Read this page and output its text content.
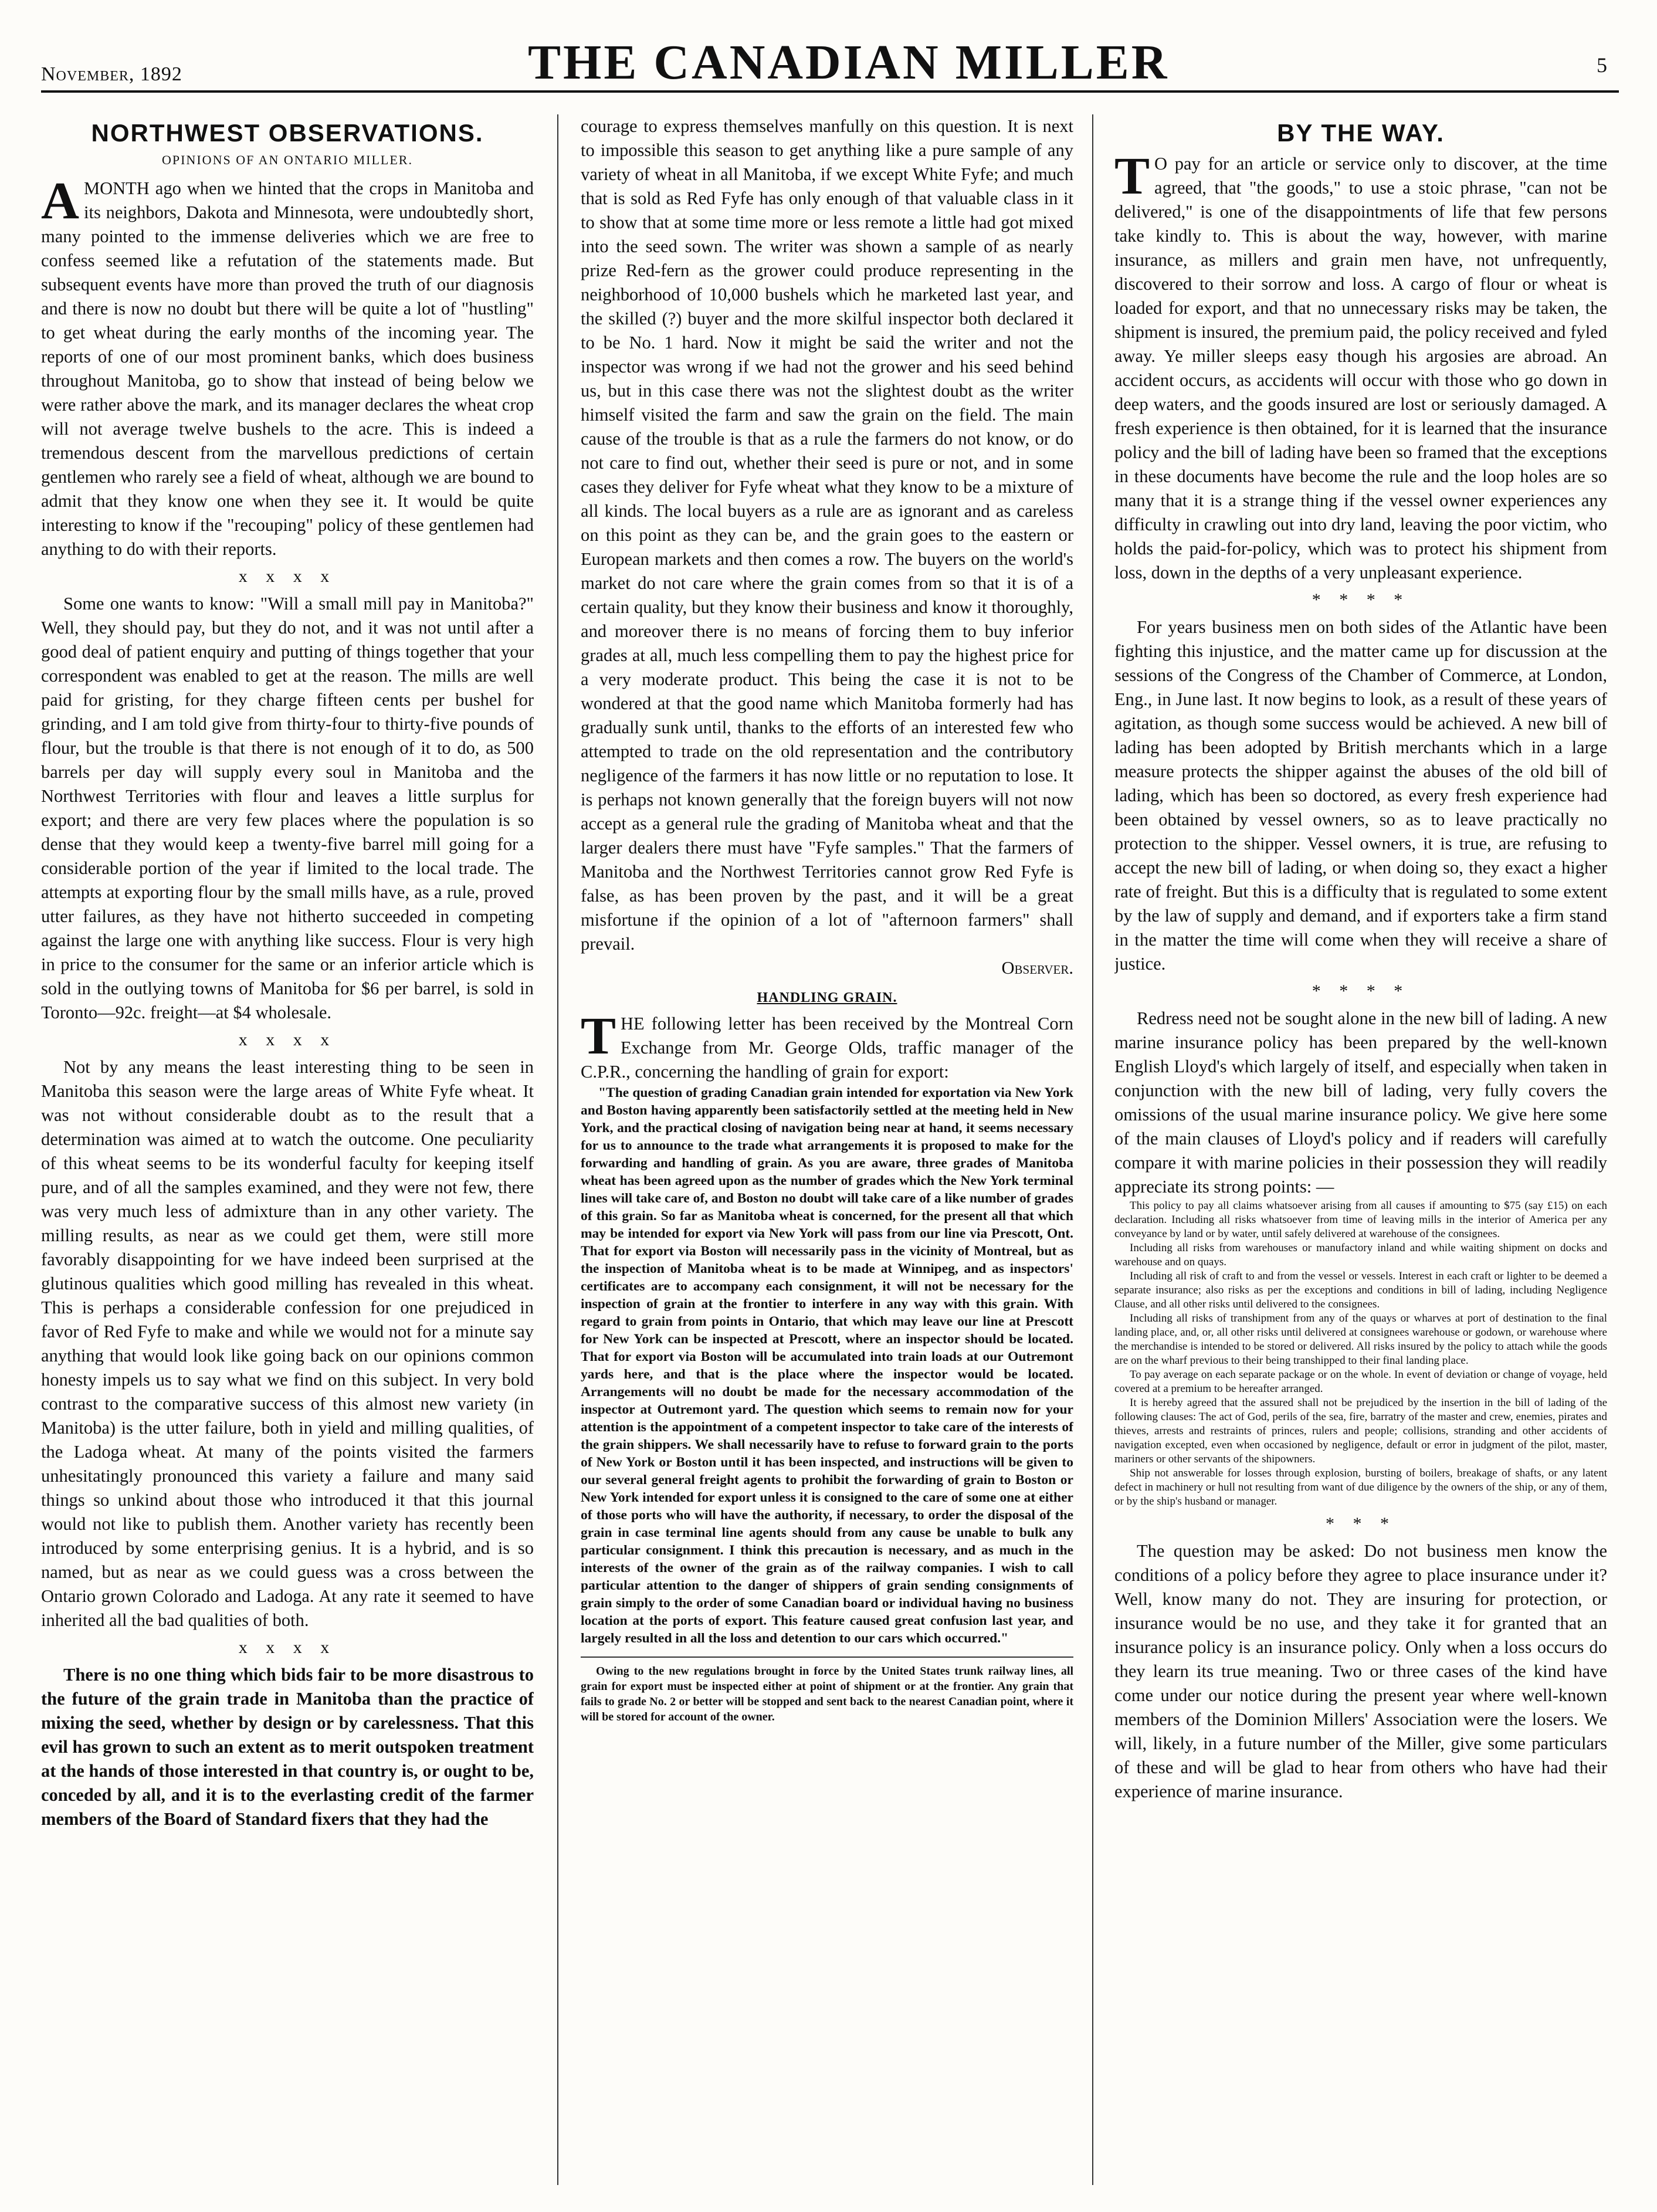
November, 1892	THE CANADIAN MILLER	5
NORTHWEST OBSERVATIONS.
OPINIONS OF AN ONTARIO MILLER.

AMONTH ago when we hinted that the crops in Manitoba and its neighbors, Dakota and Minnesota, were undoubtedly short, many pointed to the immense deliveries which we are free to confess seemed like a refutation of the statements made. But subsequent events have more than proved the truth of our diagnosis and there is now no doubt but there will be quite a lot of "hustling" to get wheat during the early months of the incoming year. The reports of one of our most prominent banks, which does business throughout Manitoba, go to show that instead of being below we were rather above the mark, and its manager declares the wheat crop will not average twelve bushels to the acre. This is indeed a tremendous descent from the marvellous predictions of certain gentlemen who rarely see a field of wheat, although we are bound to admit that they know one when they see it. It would be quite interesting to know if the "recouping" policy of these gentlemen had anything to do with their reports.

x x x x

Some one wants to know: "Will a small mill pay in Manitoba?" Well, they should pay, but they do not, and it was not until after a good deal of patient enquiry and putting of things together that your correspondent was enabled to get at the reason. The mills are well paid for gristing, for they charge fifteen cents per bushel for grinding, and I am told give from thirty-four to thirty-five pounds of flour, but the trouble is that there is not enough of it to do, as 500 barrels per day will supply every soul in Manitoba and the Northwest Territories with flour and leaves a little surplus for export; and there are very few places where the population is so dense that they would keep a twenty-five barrel mill going for a considerable portion of the year if limited to the local trade. The attempts at exporting flour by the small mills have, as a rule, proved utter failures, as they have not hitherto succeeded in competing against the large one with anything like success. Flour is very high in price to the consumer for the same or an inferior article which is sold in the outlying towns of Manitoba for $6 per barrel, is sold in Toronto—92c. freight—at $4 wholesale.

x x x x

Not by any means the least interesting thing to be seen in Manitoba this season were the large areas of White Fyfe wheat. It was not without considerable doubt as to the result that a determination was aimed at to watch the outcome. One peculiarity of this wheat seems to be its wonderful faculty for keeping itself pure, and of all the samples examined, and they were not few, there was very much less of admixture than in any other variety. The milling results, as near as we could get them, were still more favorably disappointing for we have indeed been surprised at the glutinous qualities which good milling has revealed in this wheat. This is perhaps a considerable confession for one prejudiced in favor of Red Fyfe to make and while we would not for a minute say anything that would look like going back on our opinions common honesty impels us to say what we find on this subject. In very bold contrast to the comparative success of this almost new variety (in Manitoba) is the utter failure, both in yield and milling qualities, of the Ladoga wheat. At many of the points visited the farmers unhesitatingly pronounced this variety a failure and many said things so unkind about those who introduced it that this journal would not like to publish them. Another variety has recently been introduced by some enterprising genius. It is a hybrid, and is so named, but as near as we could guess was a cross between the Ontario grown Colorado and Ladoga. At any rate it seemed to have inherited all the bad qualities of both.

x x x x

There is no one thing which bids fair to be more disastrous to the future of the grain trade in Manitoba than the practice of mixing the seed, whether by design or by carelessness. That this evil has grown to such an extent as to merit outspoken treatment at the hands of those interested in that country is, or ought to be, conceded by all, and it is to the everlasting credit of the farmer members of the Board of Standard fixers that they had the

courage to express themselves manfully on this question. It is next to impossible this season to get anything like a pure sample of any variety of wheat in all Manitoba, if we except White Fyfe; and much that is sold as Red Fyfe has only enough of that valuable class in it to show that at some time more or less remote a little had got mixed into the seed sown. The writer was shown a sample of as nearly prize Red-fern as the grower could produce representing in the neighborhood of 10,000 bushels which he marketed last year, and the skilled (?) buyer and the more skilful inspector both declared it to be No. 1 hard. Now it might be said the writer and not the inspector was wrong if we had not the grower and his seed behind us, but in this case there was not the slightest doubt as the writer himself visited the farm and saw the grain on the field. The main cause of the trouble is that as a rule the farmers do not know, or do not care to find out, whether their seed is pure or not, and in some cases they deliver for Fyfe wheat what they know to be a mixture of all kinds. The local buyers as a rule are as ignorant and as careless on this point as they can be, and the grain goes to the eastern or European markets and then comes a row. The buyers on the world's market do not care where the grain comes from so that it is of a certain quality, but they know their business and know it thoroughly, and moreover there is no means of forcing them to buy inferior grades at all, much less compelling them to pay the highest price for a very moderate product. This being the case it is not to be wondered at that the good name which Manitoba formerly had has gradually sunk until, thanks to the efforts of an interested few who attempted to trade on the old representation and the contributory negligence of the farmers it has now little or no reputation to lose. It is perhaps not known generally that the foreign buyers will not now accept as a general rule the grading of Manitoba wheat and that the larger dealers there must have "Fyfe samples." That the farmers of Manitoba and the Northwest Territories cannot grow Red Fyfe is false, as has been proven by the past, and it will be a great misfortune if the opinion of a lot of "afternoon farmers" shall prevail.

Observer.
HANDLING GRAIN.

THE following letter has been received by the Montreal Corn Exchange from Mr. George Olds, traffic manager of the C.P.R., concerning the handling of grain for export:

"The question of grading Canadian grain intended for exportation via New York and Boston having apparently been satisfactorily settled at the meeting held in New York, and the practical closing of navigation being near at hand, it seems necessary for us to announce to the trade what arrangements it is proposed to make for the forwarding and handling of grain. As you are aware, three grades of Manitoba wheat has been agreed upon as the number of grades which the New York terminal lines will take care of, and Boston no doubt will take care of a like number of grades of this grain. So far as Manitoba wheat is concerned, for the present all that which may be intended for export via New York will pass from our line via Prescott, Ont. That for export via Boston will necessarily pass in the vicinity of Montreal, but as the inspection of Manitoba wheat is to be made at Winnipeg, and as inspectors' certificates are to accompany each consignment, it will not be necessary for the inspection of grain at the frontier to interfere in any way with this grain. With regard to grain from points in Ontario, that which may leave our line at Prescott for New York can be inspected at Prescott, where an inspector should be located. That for export via Boston will be accumulated into train loads at our Outremont yards here, and that is the place where the inspector would be located. Arrangements will no doubt be made for the necessary accommodation of the inspector at Outremont yard. The question which seems to remain now for your attention is the appointment of a competent inspector to take care of the interests of the grain shippers. We shall necessarily have to refuse to forward grain to the ports of New York or Boston until it has been inspected, and instructions will be given to our several general freight agents to prohibit the forwarding of grain to Boston or New York intended for export unless it is consigned to the care of some one at either of those ports who will have the authority, if necessary, to order the disposal of the grain in case terminal line agents should from any cause be unable to bulk any particular consignment. I think this precaution is necessary, and as much in the interests of the owner of the grain as of the railway companies. I wish to call particular attention to the danger of shippers of grain sending consignments of grain simply to the order of some Canadian board or individual having no business location at the ports of export. This feature caused great confusion last year, and largely resulted in all the loss and detention to our cars which occurred."

Owing to the new regulations brought in force by the United States trunk railway lines, all grain for export must be inspected either at point of shipment or at the frontier. Any grain that fails to grade No. 2 or better will be stopped and sent back to the nearest Canadian point, where it will be stored for account of the owner.

BY THE WAY.

T O pay for an article or service only to discover, at the time agreed, that "the goods," to use a stoic phrase, "can not be delivered," is one of the disappointments of life that few persons take kindly to. This is about the way, however, with marine insurance, as millers and grain men have, not unfrequently, discovered to their sorrow and loss. A cargo of flour or wheat is loaded for export, and that no unnecessary risks may be taken, the shipment is insured, the premium paid, the policy received and fyled away. Ye miller sleeps easy though his argosies are abroad. An accident occurs, as accidents will occur with those who go down in deep waters, and the goods insured are lost or seriously damaged. A fresh experience is then obtained, for it is learned that the insurance policy and the bill of lading have been so framed that the exceptions in these documents have become the rule and the loop holes are so many that it is a strange thing if the vessel owner experiences any difficulty in crawling out into dry land, leaving the poor victim, who holds the paid-for-policy, which was to protect his shipment from loss, down in the depths of a very unpleasant experience.

* * * *

For years business men on both sides of the Atlantic have been fighting this injustice, and the matter came up for discussion at the sessions of the Congress of the Chamber of Commerce, at London, Eng., in June last. It now begins to look, as a result of these years of agitation, as though some success would be achieved. A new bill of lading has been adopted by British merchants which in a large measure protects the shipper against the abuses of the old bill of lading, which has been so doctored, as every fresh experience had been obtained by vessel owners, so as to leave practically no protection to the shipper. Vessel owners, it is true, are refusing to accept the new bill of lading, or when doing so, they exact a higher rate of freight. But this is a difficulty that is regulated to some extent by the law of supply and demand, and if exporters take a firm stand in the matter the time will come when they will receive a share of justice.

* * * *

Redress need not be sought alone in the new bill of lading. A new marine insurance policy has been prepared by the well-known English Lloyd's which largely of itself, and especially when taken in conjunction with the new bill of lading, very fully covers the omissions of the usual marine insurance policy. We give here some of the main clauses of Lloyd's policy and if readers will carefully compare it with marine policies in their possession they will readily appreciate its strong points: —

This policy to pay all claims whatsoever arising from all causes if amounting to $75 (say £15) on each declaration. Including all risks whatsoever from time of leaving mills in the interior of America per any conveyance by land or by water, until safely delivered at warehouse of the consignees.

Including all risks from warehouses or manufactory inland and while waiting shipment on docks and warehouse and on quays.

Including all risk of craft to and from the vessel or vessels. Interest in each craft or lighter to be deemed a separate insurance; also risks as per the exceptions and conditions in bill of lading, including Negligence Clause, and all other risks until delivered to the consignees.

Including all risks of transhipment from any of the quays or wharves at port of destination to the final landing place, and, or, all other risks until delivered at consignees warehouse or godown, or warehouse where the merchandise is intended to be stored or delivered. All risks insured by the policy to attach while the goods are on the wharf previous to their being transhipped to their final landing place.

To pay average on each separate package or on the whole. In event of deviation or change of voyage, held covered at a premium to be hereafter arranged.

It is hereby agreed that the assured shall not be prejudiced by the insertion in the bill of lading of the following clauses: The act of God, perils of the sea, fire, barratry of the master and crew, enemies, pirates and thieves, arrests and restraints of princes, rulers and people; collisions, stranding and other accidents of navigation excepted, even when occasioned by negligence, default or error in judgment of the pilot, master, mariners or other servants of the shipowners.

Ship not answerable for losses through explosion, bursting of boilers, breakage of shafts, or any latent defect in machinery or hull not resulting from want of due diligence by the owners of the ship, or any of them, or by the ship's husband or manager.

* * *

The question may be asked: Do not business men know the conditions of a policy before they agree to place insurance under it? Well, know many do not. They are insuring for protection, or insurance would be no use, and they take it for granted that an insurance policy is an insurance policy. Only when a loss occurs do they learn its true meaning. Two or three cases of the kind have come under our notice during the present year where well-known members of the Dominion Millers' Association were the losers. We will, likely, in a future number of the Miller, give some particulars of these and will be glad to hear from others who have had their experience of marine insurance.
